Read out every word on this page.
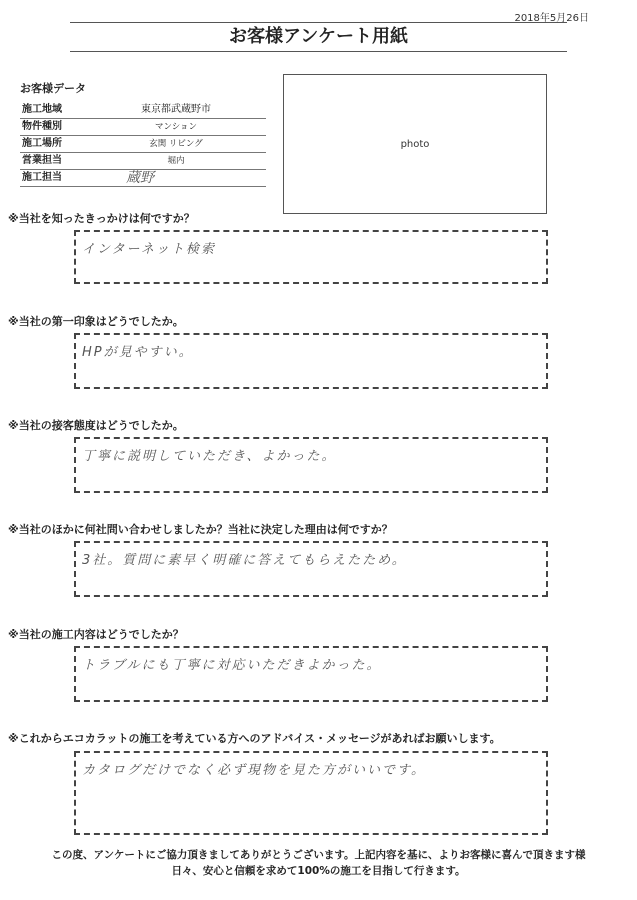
2018年5月26日
お客様アンケート用紙
お客様データ
施工地域	東京都武蔵野市
物件種別	マンション
施工場所	玄関 リビング
営業担当	堀内
施工担当	蔵野
photo
※当社を知ったきっかけは何ですか？
インターネット検索
※当社の第一印象はどうでしたか。
HPが見やすい。
※当社の接客態度はどうでしたか。
丁寧に説明していただき、よかった。
※当社のほかに何社問い合わせしましたか？当社に決定した理由は何ですか？
3社。質問に素早く明確に答えてもらえたため。
※当社の施工内容はどうでしたか？
トラブルにも丁寧に対応いただきよかった。
※これからエコカラットの施工を考えている方へのアドバイス・メッセージがあればお願いします。
カタログだけでなく必ず現物を見た方がいいです。
この度、アンケートにご協力頂きましてありがとうございます。上記内容を基に、よりお客様に喜んで頂きます様
日々、安心と信頼を求めて100%の施工を目指して行きます。
